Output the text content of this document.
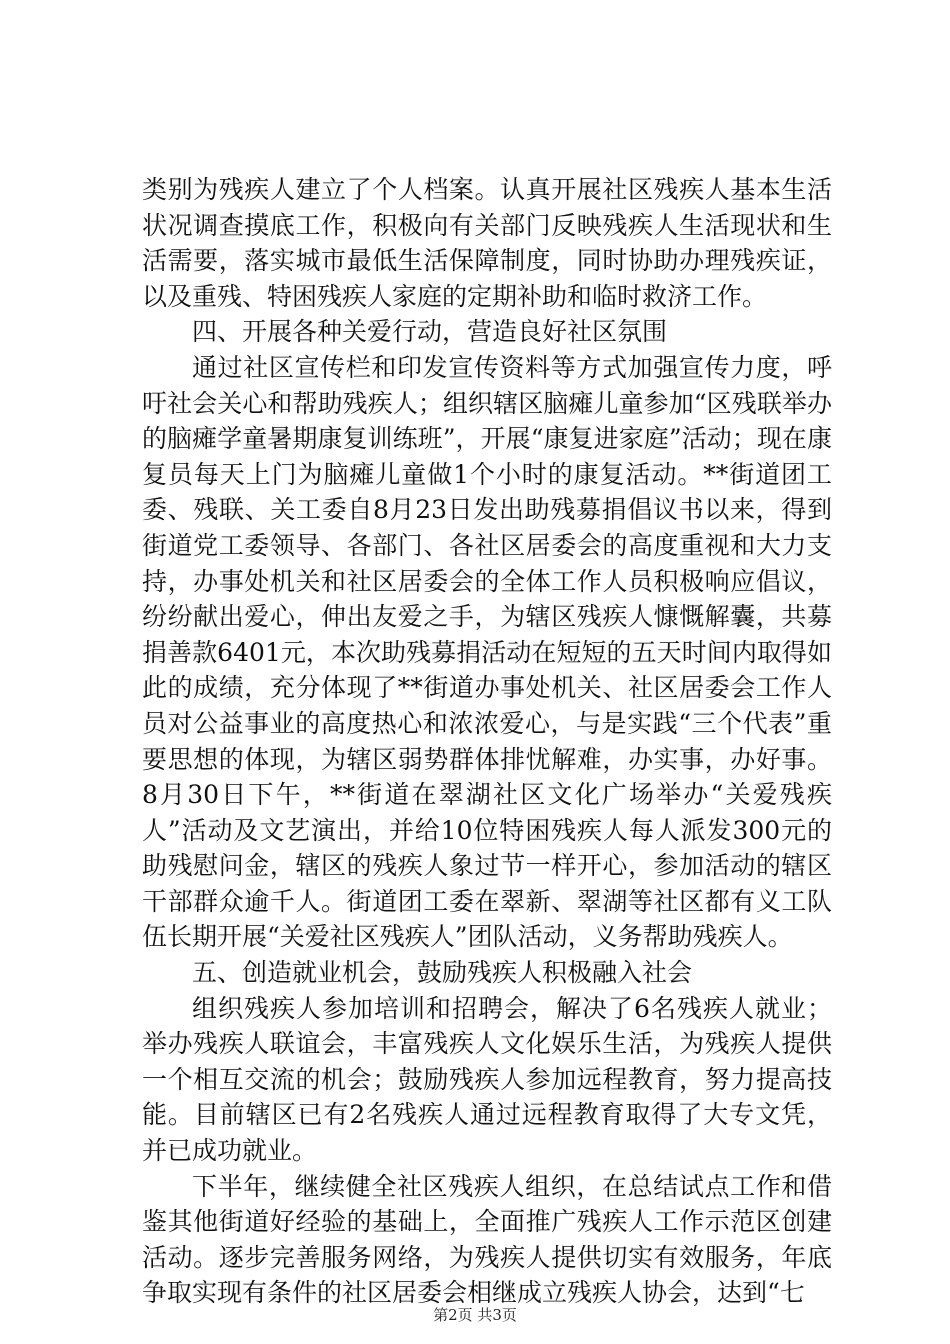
类别为残疾人建立了个人档案。认真开展社区残疾人基本生活状况调查摸底工作，积极向有关部门反映残疾人生活现状和生活需要，落实城市最低生活保障制度，同时协助办理残疾证，以及重残、特困残疾人家庭的定期补助和临时救济工作。

四、开展各种关爱行动，营造良好社区氛围

通过社区宣传栏和印发宣传资料等方式加强宣传力度，呼吁社会关心和帮助残疾人；组织辖区脑瘫儿童参加“区残联举办的脑瘫学童暑期康复训练班”，开展“康复进家庭”活动；现在康复员每天上门为脑瘫儿童做1个小时的康复活动。**街道团工委、残联、关工委自8月23日发出助残募捐倡议书以来，得到街道党工委领导、各部门、各社区居委会的高度重视和大力支持，办事处机关和社区居委会的全体工作人员积极响应倡议，纷纷献出爱心，伸出友爱之手，为辖区残疾人慷慨解囊，共募捐善款6401元，本次助残募捐活动在短短的五天时间内取得如此的成绩，充分体现了**街道办事处机关、社区居委会工作人员对公益事业的高度热心和浓浓爱心，与是实践“三个代表”重要思想的体现，为辖区弱势群体排忧解难，办实事，办好事。8月30日下午，**街道在翠湖社区文化广场举办“关爱残疾人”活动及文艺演出，并给10位特困残疾人每人派发300元的助残慰问金，辖区的残疾人象过节一样开心，参加活动的辖区干部群众逾千人。街道团工委在翠新、翠湖等社区都有义工队伍长期开展“关爱社区残疾人”团队活动，义务帮助残疾人。

五、创造就业机会，鼓励残疾人积极融入社会

组织残疾人参加培训和招聘会，解决了6名残疾人就业；举办残疾人联谊会，丰富残疾人文化娱乐生活，为残疾人提供一个相互交流的机会；鼓励残疾人参加远程教育，努力提高技能。目前辖区已有2名残疾人通过远程教育取得了大专文凭，并已成功就业。

下半年，继续健全社区残疾人组织，在总结试点工作和借鉴其他街道好经验的基础上，全面推广残疾人工作示范区创建活动。逐步完善服务网络，为残疾人提供切实有效服务，年底争取实现有条件的社区居委会相继成立残疾人协会，达到“七

第2页 共3页
